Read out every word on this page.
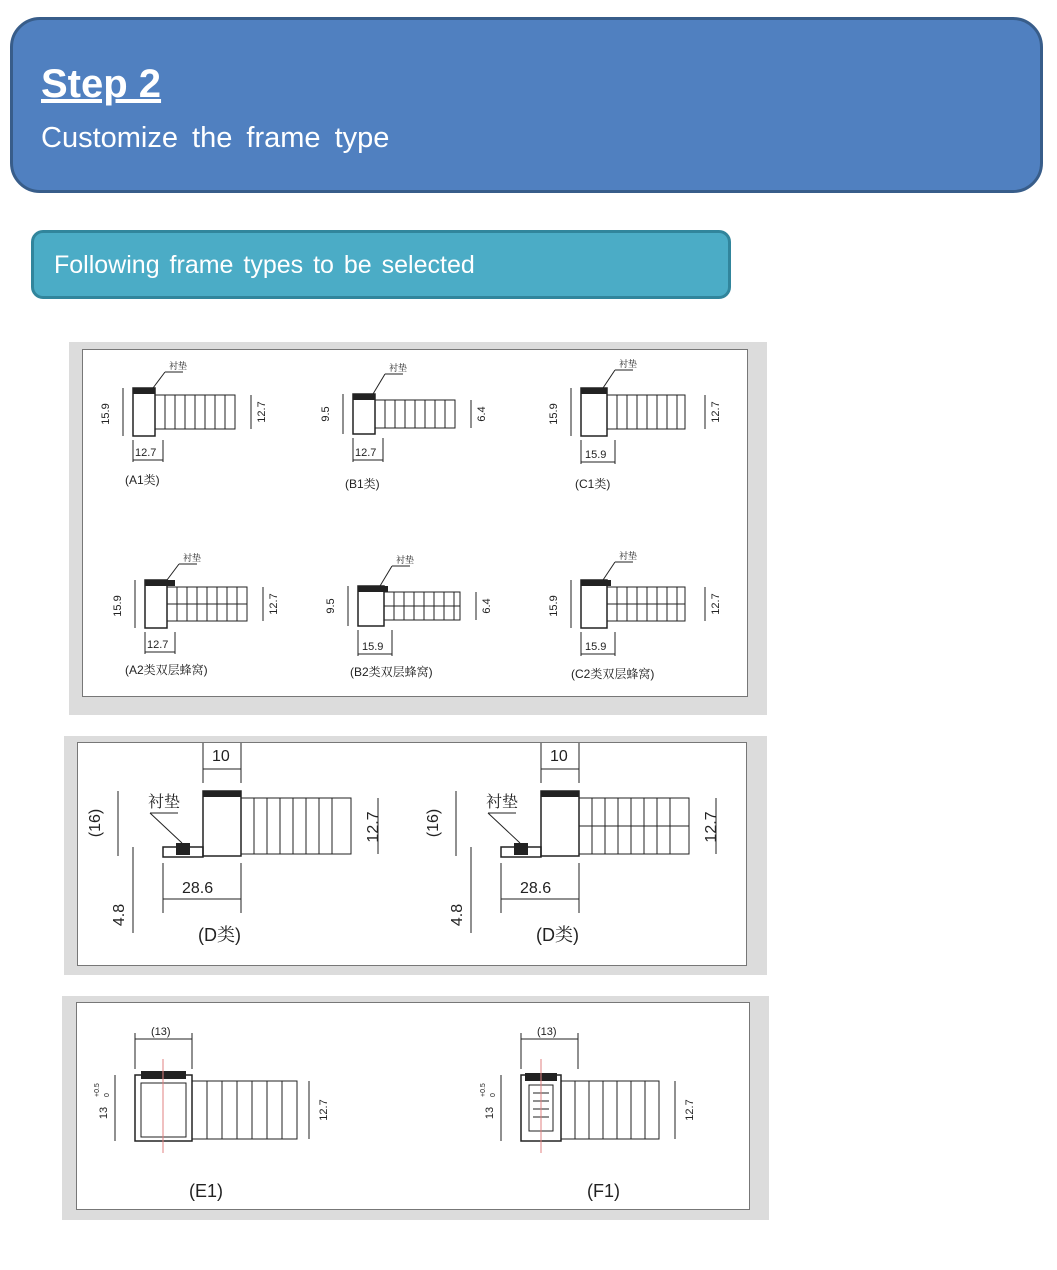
Step 2
Customize the frame type
Following frame types to be selected
衬垫
15.9
12.7
12.7
(A1类)
衬垫
9.5
12.7
6.4
(B1类)
衬垫
15.9
15.9
12.7
(C1类)
衬垫
15.9
12.7
12.7
(A2类双层蜂窝)
衬垫
9.5
15.9
6.4
(B2类双层蜂窝)
衬垫
15.9
15.9
12.7
(C2类双层蜂窝)
10
衬垫
(16)
4.8
28.6
12.7
(D类)
10
衬垫
(16)
4.8
28.6
12.7
(D类)
(13)
13
+0.5 0
12.7
(E1)
(13)
13
+0.5 0
12.7
(F1)
